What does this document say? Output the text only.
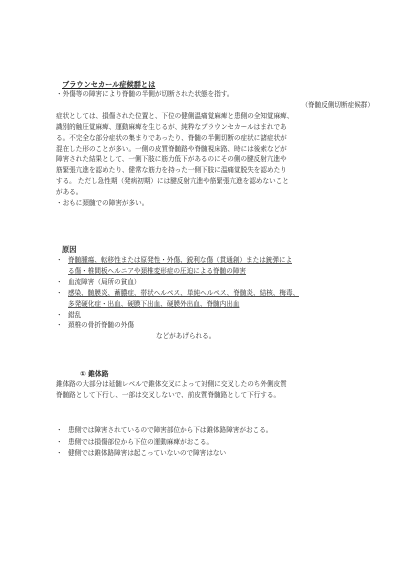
ブラウンセカール症候群とは
・外傷等の障害により脊髄の半側が切断された状態を指す。
（脊髄反側切断症候群）
症状としては、損傷された位置と、下位の健側温痛覚麻痺と患側の全知覚麻痺、
識別的触圧覚麻痺、運動麻痺を生じるが、純粋なブラウンセカールはまれであ
る。不完全な部分症状の集まりであったり、脊髄の半側切断の症状に諸症状が
混在した形のことが多い。一側の皮質脊髄路や脊髄視床路、時には後索などが
障害された結果として、一側下肢に筋力低下があるのにその側の腱反射亢進や
筋緊張亢進を認めたり、健常な筋力を持った一側下肢に温痛覚脱失を認めたり
する。 ただし急性期（発病初期）には腱反射亢進や筋緊張亢進を認めないこと
がある。
・おもに頚髄での障害が多い。
原因
・ 脊髄腫瘍、転移性または原発性・外傷、鋭利な傷（貫通創）または銃弾によ
る傷・椎間板ヘルニアや頚椎変形症の圧迫による脊髄の障害
・ 血流障害（局所の貧血）
・ 感染、髄膜炎、蓄膿症、帯状ヘルペス、単純ヘルペス、脊髄炎、結核、梅毒、
多発硬化症・出血、硬膜下出血、硬膜外出血、脊髄内出血
・ 錯乱
・ 頚椎の骨折脊髄の外傷
などがあげられる。
① 錐体路
錐体路の大部分は延髄レベルで錐体交叉によって対側に交叉したのち外側皮質
脊髄路として下行し、一部は交叉しないで、前皮質脊髄路として下行する。
・ 患側では障害されているので障害部位から下は錐体路障害がおこる。
・ 患側では損傷部位から下位の運動麻痺がおこる。
・ 健側では錐体路障害は起こっていないので障害はない
